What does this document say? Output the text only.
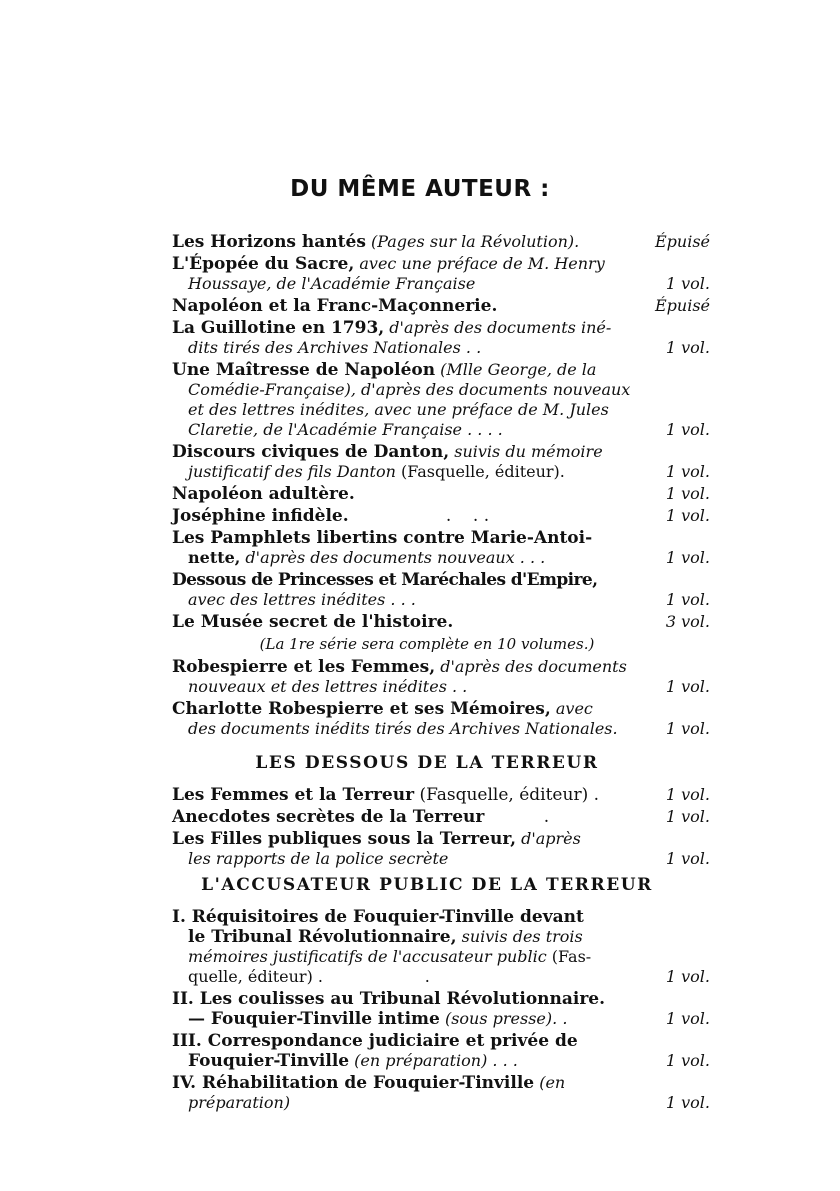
DU MÊME AUTEUR :
Les Horizons hantés (Pages sur la Révolution).	Épuisé
L'Épopée du Sacre, avec une préface de M. Henry
Houssaye, de l'Académie Française	1 vol.
Napoléon et la Franc-Maçonnerie.	Épuisé
La Guillotine en 1793, d'après des documents iné-
dits tirés des Archives Nationales . .	1 vol.
Une Maîtresse de Napoléon (Mlle George, de la
Comédie-Française), d'après des documents nouveaux
et des lettres inédites, avec une préface de M. Jules
Claretie, de l'Académie Française . . . .	1 vol.
Discours civiques de Danton, suivis du mémoire
justificatif des fils Danton (Fasquelle, éditeur).	1 vol.
Napoléon adultère.	1 vol.
Joséphine infidèle.                  .    . .	1 vol.
Les Pamphlets libertins contre Marie-Antoi-
nette, d'après des documents nouveaux . . .	1 vol.
Dessous de Princesses et Maréchales d'Empire,
avec des lettres inédites . . .	1 vol.
Le Musée secret de l'histoire.	3 vol.
(La 1re série sera complète en 10 volumes.)
Robespierre et les Femmes, d'après des documents
nouveaux et des lettres inédites . .	1 vol.
Charlotte Robespierre et ses Mémoires, avec
des documents inédits tirés des Archives Nationales.	1 vol.
LES DESSOUS DE LA TERREUR
Les Femmes et la Terreur (Fasquelle, éditeur) .	1 vol.
Anecdotes secrètes de la Terreur           .	1 vol.
Les Filles publiques sous la Terreur, d'après
les rapports de la police secrète	1 vol.
L'ACCUSATEUR PUBLIC DE LA TERREUR
I. Réquisitoires de Fouquier-Tinville devant
le Tribunal Révolutionnaire, suivis des trois
mémoires justificatifs de l'accusateur public (Fas-
quelle, éditeur) .                    .	1 vol.
II. Les coulisses au Tribunal Révolutionnaire.
— Fouquier-Tinville intime (sous presse). .	1 vol.
III. Correspondance judiciaire et privée de
Fouquier-Tinville (en préparation) . . .	1 vol.
IV. Réhabilitation de Fouquier-Tinville (en
préparation)	1 vol.
